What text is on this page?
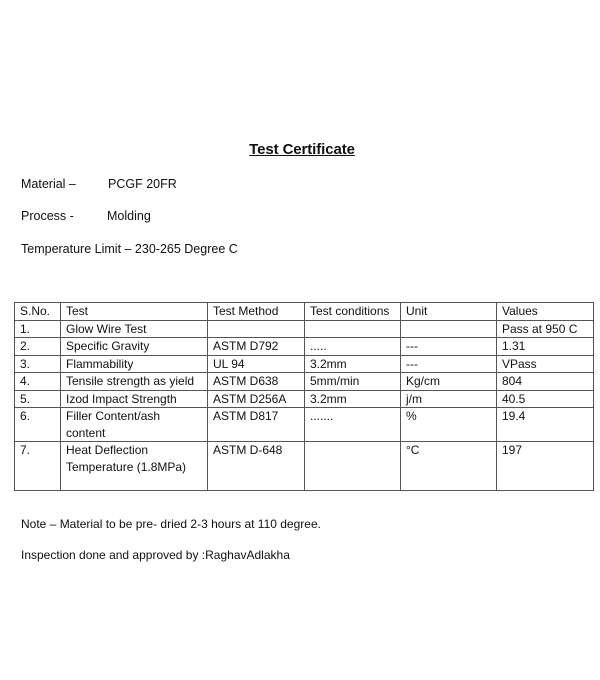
Test Certificate
Material –	PCGF 20FR
Process -	Molding
Temperature Limit – 230-265 Degree C
S.No.	Test	Test Method	Test conditions	Unit	Values
1.	Glow Wire Test				Pass at 950 C
2.	Specific Gravity	ASTM D792	.....	---	1.31
3.	Flammability	UL 94	3.2mm	---	VPass
4.	Tensile strength as yield	ASTM D638	5mm/min	Kg/cm	804
5.	Izod Impact Strength	ASTM D256A	3.2mm	j/m	40.5
6.	Filler Content/ash content	ASTM D817	.......	%	19.4
7.	Heat Deflection Temperature (1.8MPa)	ASTM D-648		°C	197
Note – Material to be pre- dried 2-3 hours at 110 degree.
Inspection done and approved by :RaghavAdlakha
